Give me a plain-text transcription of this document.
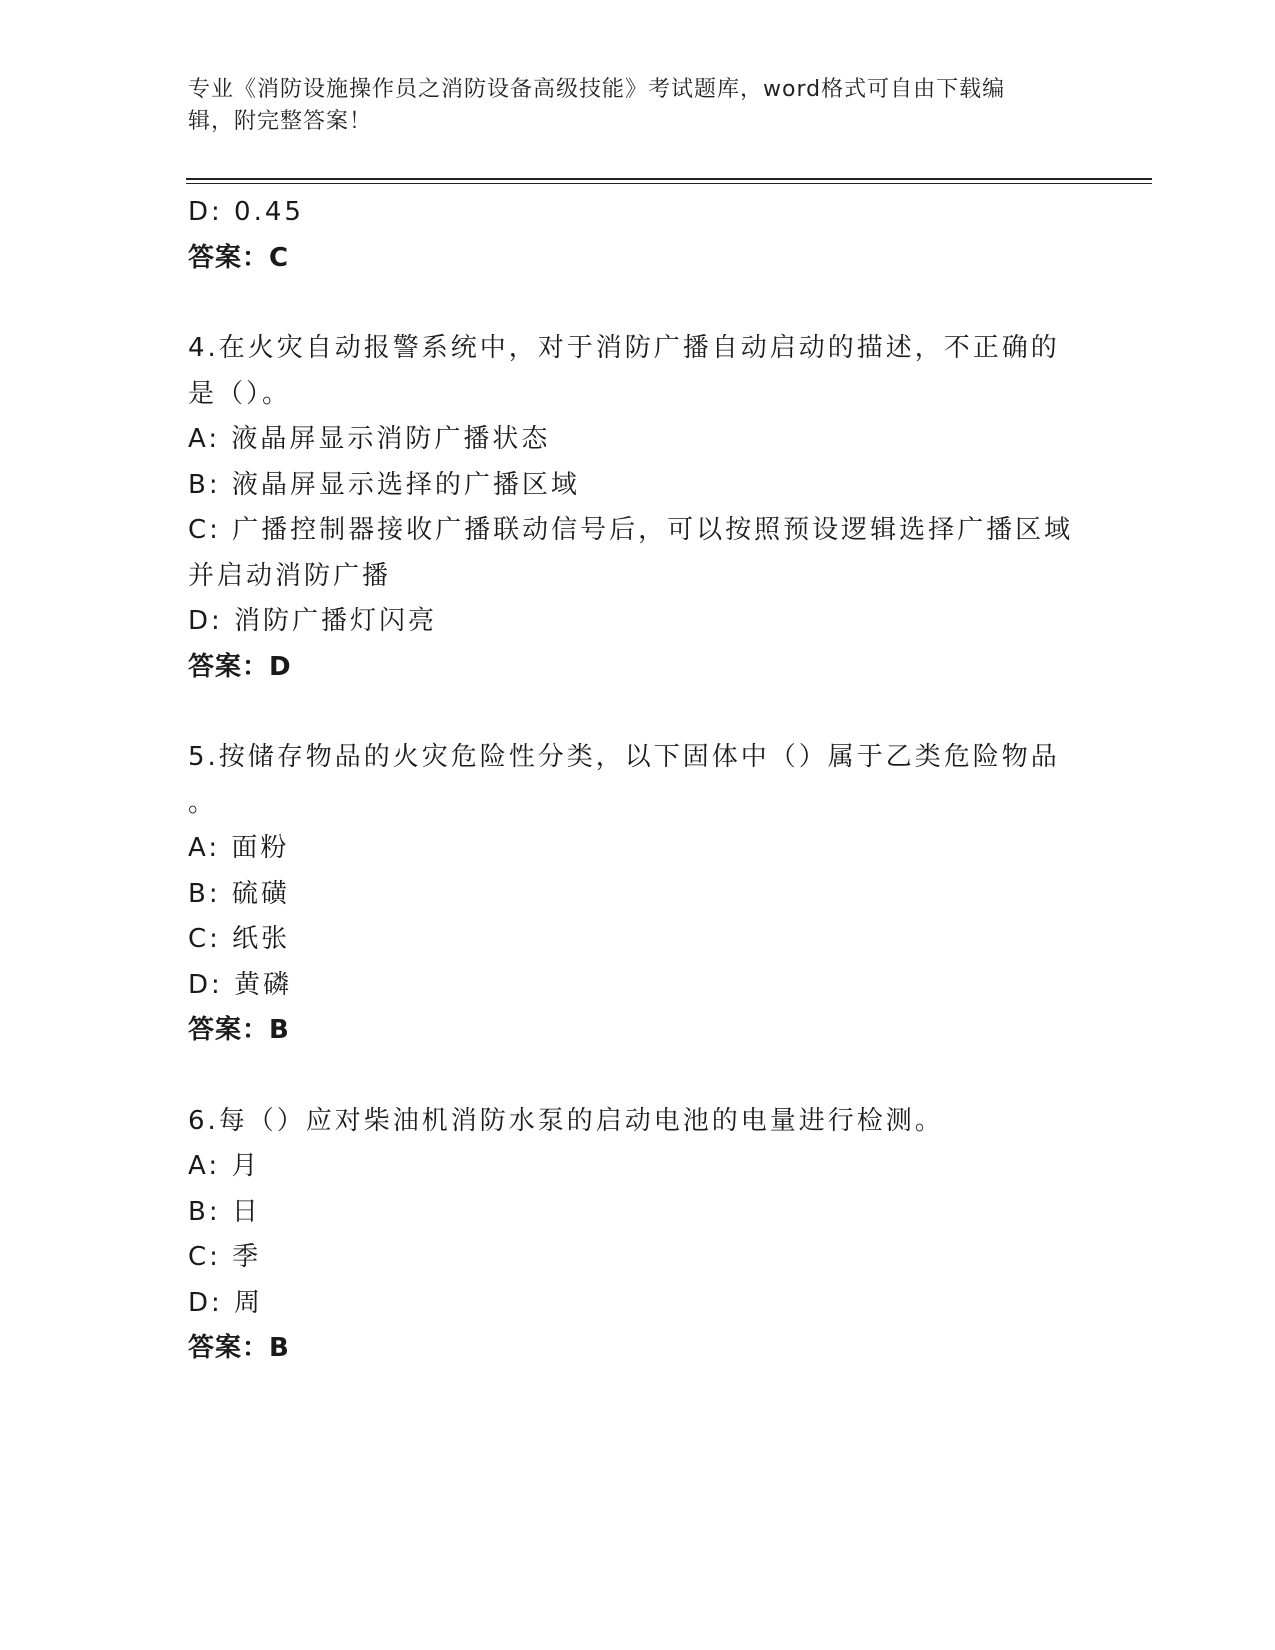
专业《消防设施操作员之消防设备高级技能》考试题库，word格式可自由下载编
辑，附完整答案！
D: 0.45
答案：C
4.在火灾自动报警系统中，对于消防广播自动启动的描述，不正确的
是（）。
A: 液晶屏显示消防广播状态
B: 液晶屏显示选择的广播区域
C: 广播控制器接收广播联动信号后，可以按照预设逻辑选择广播区域
并启动消防广播
D: 消防广播灯闪亮
答案：D
5.按储存物品的火灾危险性分类，以下固体中（）属于乙类危险物品
。
A: 面粉
B: 硫磺
C: 纸张
D: 黄磷
答案：B
6.每（）应对柴油机消防水泵的启动电池的电量进行检测。
A: 月
B: 日
C: 季
D: 周
答案：B
